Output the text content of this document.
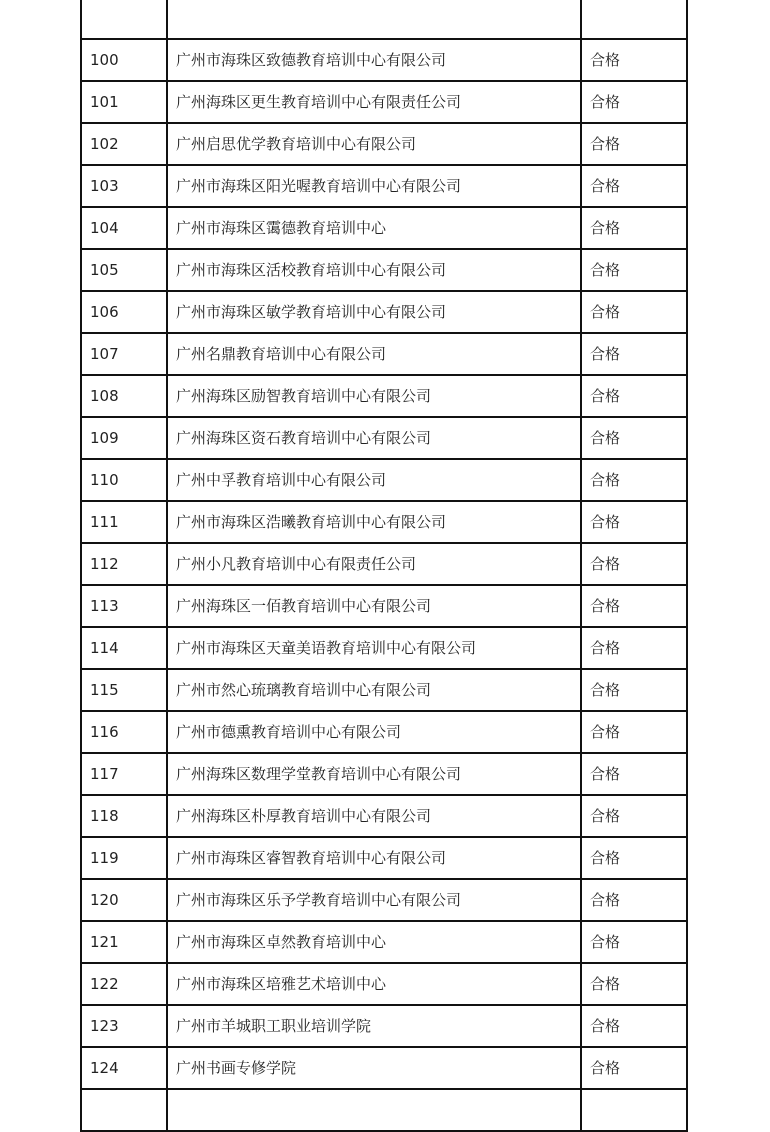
100	广州市海珠区致德教育培训中心有限公司	合格
101	广州海珠区更生教育培训中心有限责任公司	合格
102	广州启思优学教育培训中心有限公司	合格
103	广州市海珠区阳光喔教育培训中心有限公司	合格
104	广州市海珠区霭德教育培训中心	合格
105	广州市海珠区活校教育培训中心有限公司	合格
106	广州市海珠区敏学教育培训中心有限公司	合格
107	广州名鼎教育培训中心有限公司	合格
108	广州海珠区励智教育培训中心有限公司	合格
109	广州海珠区资石教育培训中心有限公司	合格
110	广州中孚教育培训中心有限公司	合格
111	广州市海珠区浩曦教育培训中心有限公司	合格
112	广州小凡教育培训中心有限责任公司	合格
113	广州海珠区一佰教育培训中心有限公司	合格
114	广州市海珠区天童美语教育培训中心有限公司	合格
115	广州市然心琉璃教育培训中心有限公司	合格
116	广州市德熏教育培训中心有限公司	合格
117	广州海珠区数理学堂教育培训中心有限公司	合格
118	广州海珠区朴厚教育培训中心有限公司	合格
119	广州市海珠区睿智教育培训中心有限公司	合格
120	广州市海珠区乐予学教育培训中心有限公司	合格
121	广州市海珠区卓然教育培训中心	合格
122	广州市海珠区培雅艺术培训中心	合格
123	广州市羊城职工职业培训学院	合格
124	广州书画专修学院	合格
